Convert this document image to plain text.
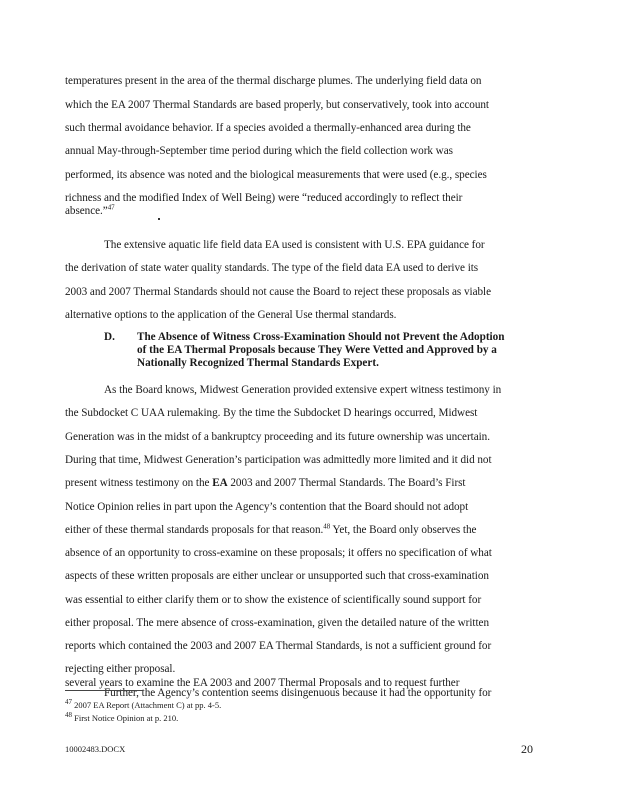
temperatures present in the area of the thermal discharge plumes. The underlying field data on
which the EA 2007 Thermal Standards are based properly, but conservatively, took into account
such thermal avoidance behavior. If a species avoided a thermally-enhanced area during the
annual May-through-September time period during which the field collection work was
performed, its absence was noted and the biological measurements that were used (e.g., species
richness and the modified Index of Well Being) were “reduced accordingly to reflect their
absence.”$^{47}$
The extensive aquatic life field data EA used is consistent with U.S. EPA guidance for
the derivation of state water quality standards. The type of the field data EA used to derive its
2003 and 2007 Thermal Standards should not cause the Board to reject these proposals as viable
alternative options to the application of the General Use thermal standards.
D. The Absence of Witness Cross-Examination Should not Prevent the Adoption
of the EA Thermal Proposals because They Were Vetted and Approved by a
Nationally Recognized Thermal Standards Expert.
As the Board knows, Midwest Generation provided extensive expert witness testimony in
the Subdocket C UAA rulemaking. By the time the Subdocket D hearings occurred, Midwest
Generation was in the midst of a bankruptcy proceeding and its future ownership was uncertain.
During that time, Midwest Generation’s participation was admittedly more limited and it did not
present witness testimony on the EA 2003 and 2007 Thermal Standards. The Board’s First
Notice Opinion relies in part upon the Agency’s contention that the Board should not adopt
either of these thermal standards proposals for that reason.$^{48}$ Yet, the Board only observes the
absence of an opportunity to cross-examine on these proposals; it offers no specification of what
aspects of these written proposals are either unclear or unsupported such that cross-examination
was essential to either clarify them or to show the existence of scientifically sound support for
either proposal. The mere absence of cross-examination, given the detailed nature of the written
reports which contained the 2003 and 2007 EA Thermal Standards, is not a sufficient ground for
rejecting either proposal.
Further, the Agency’s contention seems disingenuous because it had the opportunity for
$^{47}$ 2007 EA Report (Attachment C) at pp. 4-5.
$^{48}$ First Notice Opinion at p. 210.
10002483.DOCX	20
several years to examine the EA 2003 and 2007 Thermal Proposals and to request further
